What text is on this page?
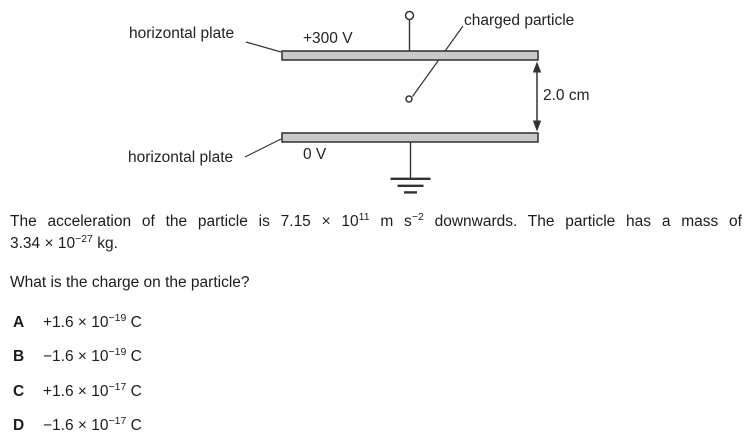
horizontal plate	+300 V
charged particle
2.0 cm
0 V
horizontal plate
The acceleration of the particle is $7.15 \times 10^{11}$ m $s^{-2}$ downwards. The particle has a mass of
$3.34 \times 10^{-27}$ kg.
What is the charge on the particle?
$A +1.6 \times 10^{-19}$ C
$B -1.6 \times 10^{-19}$ C
$C +1.6 \times 10^{-17}$ C
$D -1.6 \times 10^{-17}$ C
